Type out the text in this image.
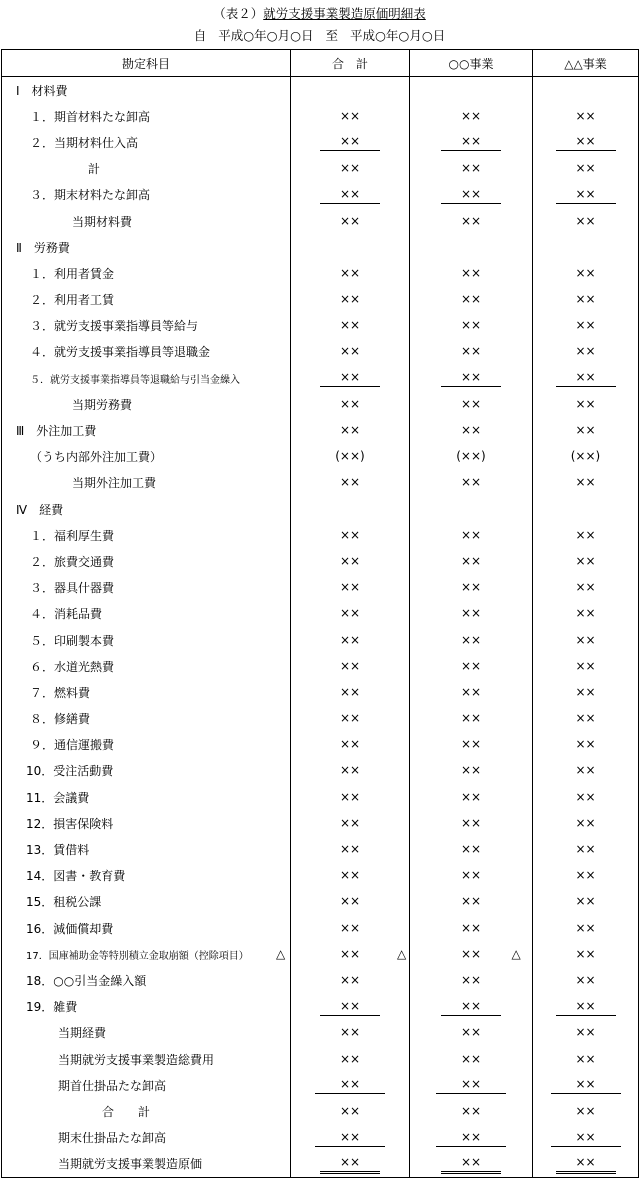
（表２）就労支援事業製造原価明細表
自 平成○年○月○日 至 平成○年○月○日
勘定科目	合　計	○○事業	△△事業
Ⅰ　材料費			
１．期首材料たな卸高	××	××	××
２．当期材料仕入高	××	××	××
計	××	××	××
３．期末材料たな卸高	××	××	××
当期材料費	××	××	××
Ⅱ　労務費			
１．利用者賃金	××	××	××
２．利用者工賃	××	××	××
３．就労支援事業指導員等給与	××	××	××
４．就労支援事業指導員等退職金	××	××	××
５．就労支援事業指導員等退職給与引当金繰入	××	××	××
当期労務費	××	××	××
Ⅲ　外注加工費	××	××	××
（うち内部外注加工費）	(××)	(××)	(××)
当期外注加工費	××	××	××
Ⅳ　経費			
１．福利厚生費	××	××	××
２．旅費交通費	××	××	××
３．器具什器費	××	××	××
４．消耗品費	××	××	××
５．印刷製本費	××	××	××
６．水道光熱費	××	××	××
７．燃料費	××	××	××
８．修繕費	××	××	××
９．通信運搬費	××	××	××
10．受注活動費	××	××	××
11．会議費	××	××	××
12．損害保険料	××	××	××
13．賃借料	××	××	××
14．図書・教育費	××	××	××
15．租税公課	××	××	××
16．減価償却費	××	××	××
17．国庫補助金等特別積立金取崩額（控除項目）	△ ××	△ ××	△ ××
18．○○引当金繰入額	××	××	××
19．雑費	××	××	××
当期経費	××	××	××
当期就労支援事業製造総費用	××	××	××
期首仕掛品たな卸高	××	××	××
合　　計	××	××	××
期末仕掛品たな卸高	××	××	××
当期就労支援事業製造原価	××	××	××
